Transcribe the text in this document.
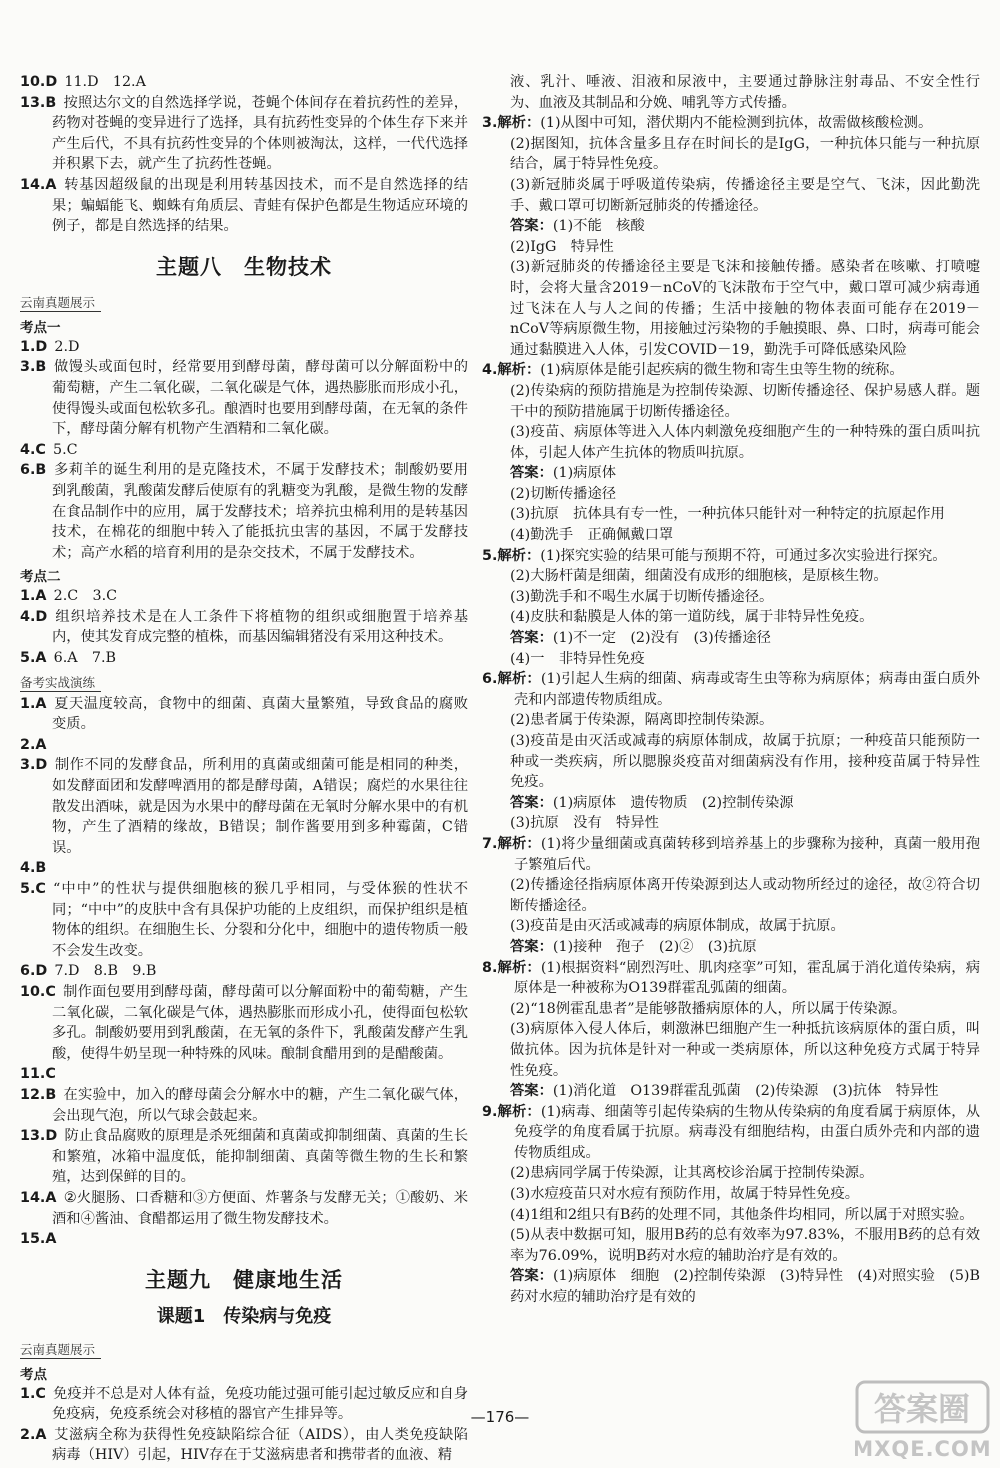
10.D  11.D　12.A

13.B  按照达尔文的自然选择学说，苍蝇个体间存在着抗药性的差异，药物对苍蝇的变异进行了选择，具有抗药性变异的个体生存下来并产生后代，不具有抗药性变异的个体则被淘汰，这样，一代代选择并积累下去，就产生了抗药性苍蝇。

14.A  转基因超级鼠的出现是利用转基因技术，而不是自然选择的结果；蝙蝠能飞、蜘蛛有角质层、青蛙有保护色都是生物适应环境的例子，都是自然选择的结果。

主题八　生物技术
云南真题展示
考点一

1.D  2.D

3.B  做馒头或面包时，经常要用到酵母菌，酵母菌可以分解面粉中的葡萄糖，产生二氧化碳，二氧化碳是气体，遇热膨胀而形成小孔，使得馒头或面包松软多孔。酿酒时也要用到酵母菌，在无氧的条件下，酵母菌分解有机物产生酒精和二氧化碳。

4.C  5.C

6.B  多莉羊的诞生利用的是克隆技术，不属于发酵技术；制酸奶要用到乳酸菌，乳酸菌发酵后使原有的乳糖变为乳酸，是微生物的发酵在食品制作中的应用，属于发酵技术；培养抗虫棉利用的是转基因技术，在棉花的细胞中转入了能抵抗虫害的基因，不属于发酵技术；高产水稻的培育利用的是杂交技术，不属于发酵技术。

考点二

1.A  2.C　3.C

4.D  组织培养技术是在人工条件下将植物的组织或细胞置于培养基内，使其发育成完整的植株，而基因编辑猪没有采用这种技术。

5.A  6.A　7.B

备考实战演练

1.A  夏天温度较高，食物中的细菌、真菌大量繁殖，导致食品的腐败变质。

2.A 

3.D  制作不同的发酵食品，所利用的真菌或细菌可能是相同的种类，如发酵面团和发酵啤酒用的都是酵母菌，A错误；腐烂的水果往往散发出酒味，就是因为水果中的酵母菌在无氧时分解水果中的有机物，产生了酒精的缘故，B错误；制作酱要用到多种霉菌，C错误。

4.B 

5.C  “中中”的性状与提供细胞核的猴几乎相同，与受体猴的性状不同；“中中”的皮肤中含有具保护功能的上皮组织，而保护组织是植物体的组织。在细胞生长、分裂和分化中，细胞中的遗传物质一般不会发生改变。

6.D  7.D　8.B　9.B

10.C  制作面包要用到酵母菌，酵母菌可以分解面粉中的葡萄糖，产生二氧化碳，二氧化碳是气体，遇热膨胀而形成小孔，使得面包松软多孔。制酸奶要用到乳酸菌，在无氧的条件下，乳酸菌发酵产生乳酸，使得牛奶呈现一种特殊的风味。酿制食醋用到的是醋酸菌。

11.C 

12.B  在实验中，加入的酵母菌会分解水中的糖，产生二氧化碳气体，会出现气泡，所以气球会鼓起来。

13.D  防止食品腐败的原理是杀死细菌和真菌或抑制细菌、真菌的生长和繁殖，冰箱中温度低，能抑制细菌、真菌等微生物的生长和繁殖，达到保鲜的目的。

14.A  ②火腿肠、口香糖和③方便面、炸薯条与发酵无关；①酸奶、米酒和④酱油、食醋都运用了微生物发酵技术。

15.A 

主题九　健康地生活
课题1　传染病与免疫
云南真题展示
考点

1.C  免疫并不总是对人体有益，免疫功能过强可能引起过敏反应和自身免疫病，免疫系统会对移植的器官产生排异等。

2.A  艾滋病全称为获得性免疫缺陷综合征（AIDS），由人类免疫缺陷病毒（HIV）引起，HIV存在于艾滋病患者和携带者的血液、精

液、乳汁、唾液、泪液和尿液中，主要通过静脉注射毒品、不安全性行为、血液及其制品和分娩、哺乳等方式传播。

3.解析：(1)从图中可知，潜伏期内不能检测到抗体，故需做核酸检测。

(2)据图知，抗体含量多且存在时间长的是IgG，一种抗体只能与一种抗原结合，属于特异性免疫。

(3)新冠肺炎属于呼吸道传染病，传播途径主要是空气、飞沫，因此勤洗手、戴口罩可切断新冠肺炎的传播途径。

答案：(1)不能　核酸

(2)IgG　特异性

(3)新冠肺炎的传播途径主要是飞沫和接触传播。感染者在咳嗽、打喷嚏时，会将大量含2019－nCoV的飞沫散布于空气中，戴口罩可减少病毒通过飞沫在人与人之间的传播；生活中接触的物体表面可能存在2019－nCoV等病原微生物，用接触过污染物的手触摸眼、鼻、口时，病毒可能会通过黏膜进入人体，引发COVID－19，勤洗手可降低感染风险

4.解析：(1)病原体是能引起疾病的微生物和寄生虫等生物的统称。

(2)传染病的预防措施是为控制传染源、切断传播途径、保护易感人群。题干中的预防措施属于切断传播途径。

(3)疫苗、病原体等进入人体内刺激免疫细胞产生的一种特殊的蛋白质叫抗体，引起人体产生抗体的物质叫抗原。

答案：(1)病原体

(2)切断传播途径

(3)抗原　抗体具有专一性，一种抗体只能针对一种特定的抗原起作用

(4)勤洗手　正确佩戴口罩

5.解析：(1)探究实验的结果可能与预期不符，可通过多次实验进行探究。

(2)大肠杆菌是细菌，细菌没有成形的细胞核，是原核生物。

(3)勤洗手和不喝生水属于切断传播途径。

(4)皮肤和黏膜是人体的第一道防线，属于非特异性免疫。

答案：(1)不一定　(2)没有　(3)传播途径

(4)一　非特异性免疫

6.解析：(1)引起人生病的细菌、病毒或寄生虫等称为病原体；病毒由蛋白质外壳和内部遗传物质组成。

(2)患者属于传染源，隔离即控制传染源。

(3)疫苗是由灭活或减毒的病原体制成，故属于抗原；一种疫苗只能预防一种或一类疾病，所以腮腺炎疫苗对细菌病没有作用，接种疫苗属于特异性免疫。

答案：(1)病原体　遗传物质　(2)控制传染源

(3)抗原　没有　特异性

7.解析：(1)将少量细菌或真菌转移到培养基上的步骤称为接种，真菌一般用孢子繁殖后代。

(2)传播途径指病原体离开传染源到达人或动物所经过的途径，故②符合切断传播途径。

(3)疫苗是由灭活或减毒的病原体制成，故属于抗原。

答案：(1)接种　孢子　(2)②　(3)抗原

8.解析：(1)根据资料“剧烈泻吐、肌肉痉挛”可知，霍乱属于消化道传染病，病原体是一种被称为O139群霍乱弧菌的细菌。

(2)“18例霍乱患者”是能够散播病原体的人，所以属于传染源。

(3)病原体入侵人体后，刺激淋巴细胞产生一种抵抗该病原体的蛋白质，叫做抗体。因为抗体是针对一种或一类病原体，所以这种免疫方式属于特异性免疫。

答案：(1)消化道　O139群霍乱弧菌　(2)传染源　(3)抗体　特异性

9.解析：(1)病毒、细菌等引起传染病的生物从传染病的角度看属于病原体，从免疫学的角度看属于抗原。病毒没有细胞结构，由蛋白质外壳和内部的遗传物质组成。

(2)患病同学属于传染源，让其离校诊治属于控制传染源。

(3)水痘疫苗只对水痘有预防作用，故属于特异性免疫。

(4)1组和2组只有B药的处理不同，其他条件均相同，所以属于对照实验。

(5)从表中数据可知，服用B药的总有效率为97.83%，不服用B药的总有效率为76.09%，说明B药对水痘的辅助治疗是有效的。

答案：(1)病原体　细胞　(2)控制传染源　(3)特异性　(4)对照实验　(5)B药对水痘的辅助治疗是有效的

—176—	答案圈
MXQE.COM
